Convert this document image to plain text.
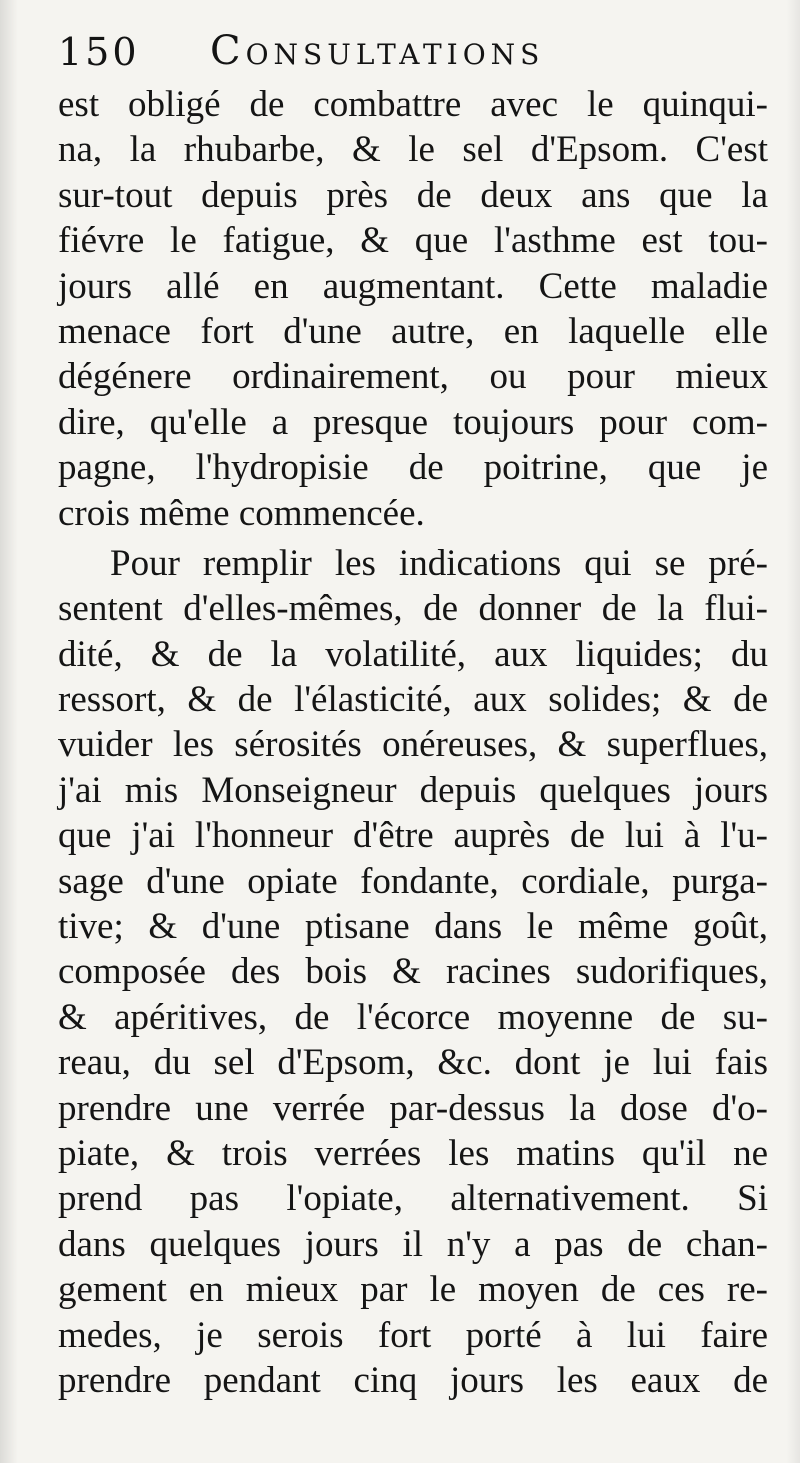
150 Consultations
est obligé de combattre avec le quinqui-
na, la rhubarbe, & le sel d'Epsom. C'est
sur-tout depuis près de deux ans que la
fiévre le fatigue, & que l'asthme est tou-
jours allé en augmentant. Cette maladie
menace fort d'une autre, en laquelle elle
dégénere ordinairement, ou pour mieux
dire, qu'elle a presque toujours pour com-
pagne, l'hydropisie de poitrine, que je
crois même commencée.
Pour remplir les indications qui se pré-
sentent d'elles-mêmes, de donner de la flui-
dité, & de la volatilité, aux liquides; du
ressort, & de l'élasticité, aux solides; & de
vuider les sérosités onéreuses, & superflues,
j'ai mis Monseigneur depuis quelques jours
que j'ai l'honneur d'être auprès de lui à l'u-
sage d'une opiate fondante, cordiale, purga-
tive; & d'une ptisane dans le même goût,
composée des bois & racines sudorifiques,
& apéritives, de l'écorce moyenne de su-
reau, du sel d'Epsom, &c. dont je lui fais
prendre une verrée par-dessus la dose d'o-
piate, & trois verrées les matins qu'il ne
prend pas l'opiate, alternativement. Si
dans quelques jours il n'y a pas de chan-
gement en mieux par le moyen de ces re-
medes, je serois fort porté à lui faire
prendre pendant cinq jours les eaux de
